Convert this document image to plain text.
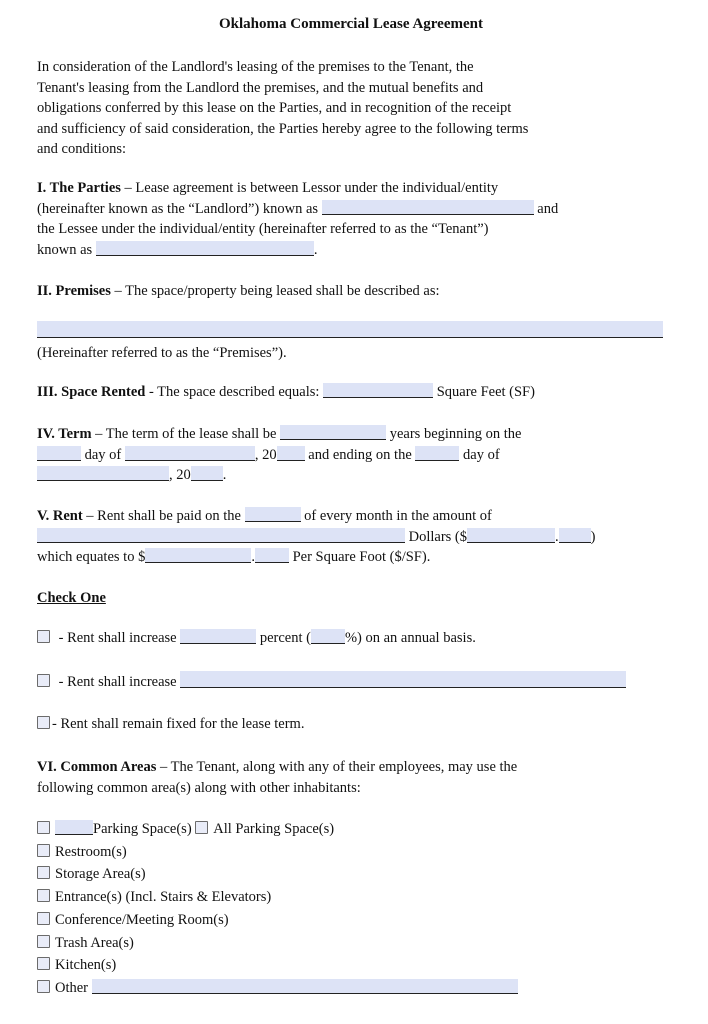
Oklahoma Commercial Lease Agreement
In consideration of the Landlord's leasing of the premises to the Tenant, the
Tenant's leasing from the Landlord the premises, and the mutual benefits and
obligations conferred by this lease on the Parties, and in recognition of the receipt
and sufficiency of said consideration, the Parties hereby agree to the following terms
and conditions:
I. The Parties – Lease agreement is between Lessor under the individual/entity
(hereinafter known as the “Landlord”) known as	and
the Lessee under the individual/entity (hereinafter referred to as the “Tenant”)
known as	.
II. Premises – The space/property being leased shall be described as:
(Hereinafter referred to as the “Premises”).
III. Space Rented - The space described equals:	Square Feet (SF)
IV. Term – The term of the lease shall be	years beginning on the
day of	, 20 and ending on the	day of
, 20 .
V. Rent – Rent shall be paid on the	of every month in the amount of
Dollars ($	. )
which equates to $	. Per Square Foot ($/SF).
Check One
- Rent shall increase	percent ( %) on an annual basis.
- Rent shall increase
- Rent shall remain fixed for the lease term.
VI. Common Areas – The Tenant, along with any of their employees, may use the
following common area(s) along with other inhabitants:
Parking Space(s) All Parking Space(s)
Restroom(s)
Storage Area(s)
Entrance(s) (Incl. Stairs & Elevators)
Conference/Meeting Room(s)
Trash Area(s)
Kitchen(s)
Other
